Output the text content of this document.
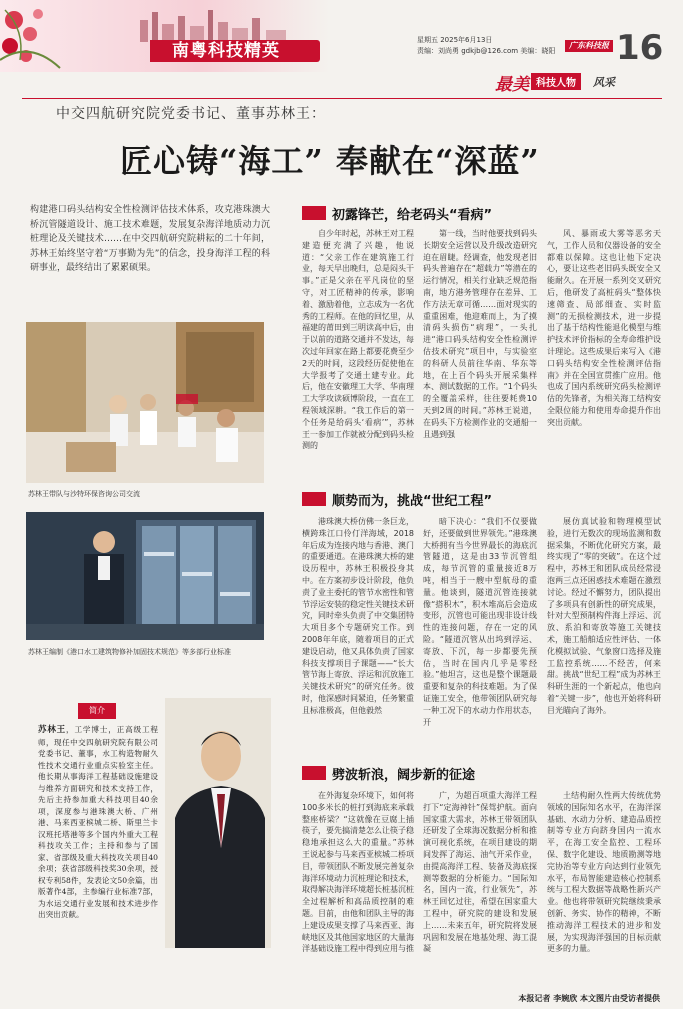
南粤科技精英
星期五 2025年6月13日
责编：刘尚勇 gdkjb@126.com 美编：晓阳
广东科技报 16
最美 科技人物	风采
中交四航研究院党委书记、董事苏林王：
匠心铸“海工” 奉献在“深蓝”
构建港口码头结构安全性检测评估技术体系，攻克港珠澳大桥沉管隧道设计、施工技术难题，发展复杂海洋地质动力沉桩理论及关键技术……在中交四航研究院耕耘的二十年间，苏林王始终坚守着“万事勤为先”的信念，投身海洋工程的科研事业，最终结出了累累硕果。
苏林王带队与沙特环保咨询公司交流
苏林王编制《港口水工建筑物修补加固技术规范》等多部行业标准
简介
苏林王，工学博士，正高级工程师，现任中交四航研究院有限公司党委书记、董事，水工构造物耐久性技术交通行业重点实验室主任。他长期从事海洋工程基础设施建设与维养方面研究和技术支持工作，先后主持参加重大科技项目40余项，深度参与港珠澳大桥、广州港、马来西亚槟城二桥、斯里兰卡汉班托塔港等多个国内外重大工程科技攻关工作；主持和参与了国家、省部级及重大科技攻关项目40余项；获省部级科技奖30余项，授权专利58件，发表论文50余篇，出版著作4部，主参编行业标准7部，为水运交通行业发展和技术进步作出突出贡献。
初露锋芒，给老码头“看病”

自少年时起，苏林王对工程建造便充满了兴趣，他说道：“父亲工作在建筑施工行业，每天早出晚归，总是闷头干事。”正是父亲在平凡岗位的坚守，对工匠精神的传承，影响着、激励着他，立志成为一名优秀的工程师。在他的回忆里，从福建的莆田到三明读高中后，由于以前的道路交通并不发达，每次过年回家在路上都要花费至少2天的时间，这段经历促使他在大学报考了交通土建专业。此后，他在安徽理工大学、华南理工大学攻读硕博阶段，一直在工程领域深耕。“我工作后的第一个任务是给码头‘看病’”，苏林王一参加工作就被分配到码头检测的

第一线，当时他要找到码头长期安全运营以及升级改造研究迫在眉睫。经调查，他发现老旧码头普遍存在“超载力”等潜在的运行情况，相关行业缺乏规范指南，地方港务管理存在差异、工作方法无章可循……面对现实的重重困难，他迎难而上，为了摸清码头损伤“病理”，一头扎进“港口码头结构安全性检测评估技术研究”项目中，与实验室的科研人员前往华南、华东等地，在上百个码头开展采集样本、测试数据的工作。“1个码头的全覆盖采样，往往要耗费10天到2周的时间。”苏林王说道，在码头下方检测作业的交通船一且遇到强

风、暴雨或大雾等恶劣天气，工作人员和仪器设备的安全都难以保障。这也让他下定决心，要让这些老旧码头既安全又能耐久。在开展一系列交叉研究后，他研发了高桩码头“整体快速筛查、局部细查、实时监测”的无损检测技术，进一步提出了基于结构性能退化模型与维护技术评价指标的全寿命维护设计理论。这些成果后来写入《港口码头结构安全性检测评估指南》并在全国宣贯推广应用。他也成了国内系统研究码头检测评估的先锋者，为相关海工结构安全限位能力和使用寿命提升作出突出贡献。

顺势而为，挑战“世纪工程”

港珠澳大桥仿佛一条巨龙，横跨珠江口伶仃洋海域，2018年后成为连接内地与香港、澳门的重要通道。在港珠澳大桥的建设历程中，苏林王积极投身其中。在方案初步设计阶段，他负责了业主委托的管节水密性和管节浮运安装的稳定性关键技术研究，同时牵头负责了中交集团特大项目多个专题研究工作。到2008年年底，随着项目的正式建设启动，他又具体负责了国家科技支撑项目子课题——“长大管节海上寄放、浮运和沉放施工关键技术研究”的研究任务。彼时，他深感时间紧迫，任务繁重且标准极高，但他毅然

暗下决心：“我们不仅要做好，还要做到世界领先。”港珠澳大桥拥有当今世界最长的海底沉管隧道，这是由33节沉管组成，每节沉管的重量接近8万吨，相当于一艘中型航母的重量。他谈到，隧道沉管连接就像“搭积木”，积木堆高后会造成变形，沉管也可能出现非设计线性的连接问题，存在一定的风险。“隧道沉管从出坞到浮运、寄放、下沉，每一步都要先预估，当时在国内几乎是零经验。”他坦言，这也是整个课题最重要和复杂的科技难题。为了保证施工安全，他带领团队研究每一种工况下的水动力作用状态，开

展仿真试验和物理模型试验，进行无数次的现场监测和数据采集，不断优化研究方案，最终实现了“零的突破”。在这个过程中，苏林王和团队成员经常浸泡两三点还困惑技术难题在激烈讨论。经过不懈努力，团队提出了多项具有创新性的研究成果，针对大型预制构件海上浮运、沉放、系泊和寄放等施工关键技术，施工船舶适应性评估、一体化模拟试验、气象窗口选择及施工监控系统……不经苦，何来甜。挑战“世纪工程”成为苏林王科研生涯的一个新起点，他也向着“关键一步”，他也开始将科研目光瞄向了海外。

劈波斩浪，阔步新的征途

在外海复杂环境下，如何将100多米长的桩打到海底来承载整座桥梁？“这就像在豆腐上插筷子，要先搞清楚怎么让筷子稳稳地承担这么大的重量。”苏林王说起参与马来西亚槟城二桥项目，带领团队不断发展完善复杂海洋环境动力沉桩理论和技术，取得解决海洋环境超长桩基沉桩全过程解析和高品质控制的难题。目前，由他和团队主导的海上建设成果支撑了马来西亚、海峡地区及其他国家地区的大量海洋基础设施工程中得到应用与推

广，为超百项重大海洋工程打下“定海神针”保驾护航。面向国家重大需求，苏林王带领团队还研发了全球海况数据分析和推演可视化系统，在项目建设的期间发挥了海运、油气开采作业，由提高海洋工程、装备及海底探测等数据的分析能力。“国际知名，国内一流，行业领先”，苏林王回忆过往，希望在国家重大工程中，研究院的建设和发展上……未来五年，研究院将发展巩固和发展在地基处理、海工混凝

土结构耐久性两大传统优势领域的国际知名水平，在海洋深基础、水动力分析、建造品质控制等专业方向跻身国内一流水平，在海工安全监控、工程环保、数字化建设、地质勘测等地完协治等专业方向达到行业领先水平，布局智能建造核心控制系统与工程大数据等战略性新兴产业。他也将带领研究院继续秉承创新、务实、协作的精神，不断推动海洋工程技术的进步和发展，为实现海洋强国的目标贡献更多的力量。

本报记者 李婉欣 本文图片由受访者提供
